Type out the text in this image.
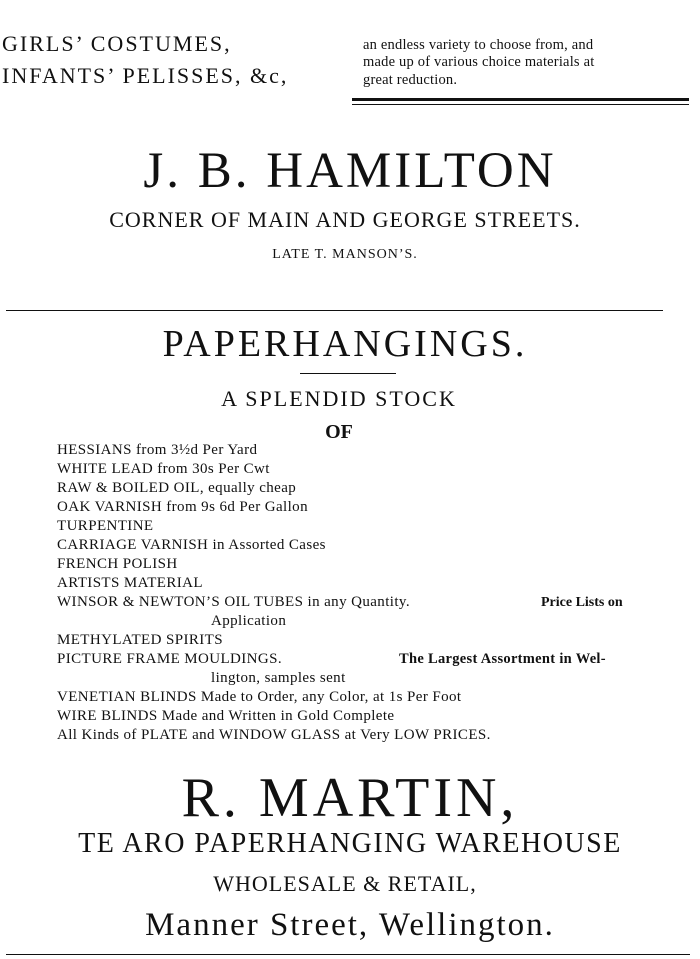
GIRLS’ COSTUMES,
INFANTS’ PELISSES, &c,
an endless variety to choose from, and
made up of various choice materials at
great reduction.
J. B. HAMILTON
CORNER OF MAIN AND GEORGE STREETS.
LATE T. MANSON’S.
PAPERHANGINGS.
A SPLENDID STOCK
OF
HESSIANS from 3½d Per Yard
WHITE LEAD from 30s Per Cwt
RAW & BOILED OIL, equally cheap
OAK VARNISH from 9s 6d Per Gallon
TURPENTINE
CARRIAGE VARNISH in Assorted Cases
FRENCH POLISH
ARTISTS MATERIAL
WINSOR & NEWTON’S OIL TUBES in any Quantity.	Price Lists on
Application
METHYLATED SPIRITS
PICTURE FRAME MOULDINGS.	The Largest Assortment in Wel-
lington, samples sent
VENETIAN BLINDS Made to Order, any Color, at 1s Per Foot
WIRE BLINDS Made and Written in Gold Complete
All Kinds of PLATE and WINDOW GLASS at Very LOW PRICES.
R. MARTIN,
TE ARO PAPERHANGING WAREHOUSE
WHOLESALE & RETAIL,
Manner Street, Wellington.
